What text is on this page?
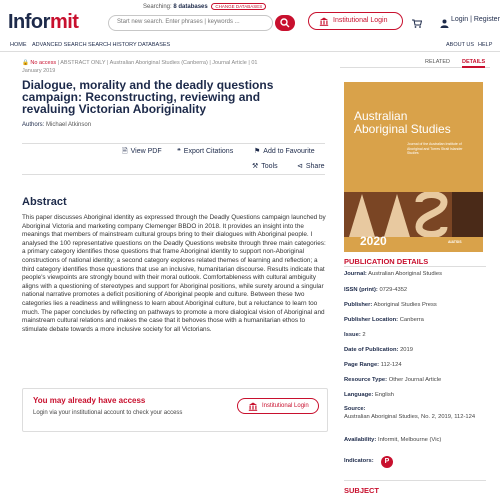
Informit
Searching: 8 databases CHANGE DATABASES
Start new search. Enter phrases | keywords ...	Institutional Login	Login | Register
HOME ADVANCED SEARCH SEARCH HISTORY DATABASES	ABOUT US HELP
🔒 No access | ABSTRACT ONLY | Australian Aboriginal Studies (Canberra) | Journal Article | 01
January 2019
Dialogue, morality and the deadly questions campaign: Reconstructing, reviewing and revaluing Victorian Aboriginality
Authors: Michael Atkinson
🗎 View PDF ❝ Export Citations	⚑ Add to Favourite
⚒ Tools	⊲ Share
Abstract
This paper discusses Aboriginal identity as expressed through the Deadly Questions campaign launched by Aboriginal Victoria and marketing company Clemenger BBDO in 2018. It provides an insight into the meanings that members of mainstream cultural groups bring to their dialogues with Aboriginal people. I analysed the 100 representative questions on the Deadly Questions website through three main categories: a primary category identifies those questions that frame Aboriginal identity to support non-Aboriginal constructions of national identity; a second category explores related themes of learning and reflection; a third category identifies those questions that use an inclusive, humanitarian discourse. Results indicate that people's viewpoints are strongly bound with their moral outlook. Comfortableness with cultural ambiguity aligns with a questioning of stereotypes and support for Aboriginal positions, while surety around a singular national narrative promotes a deficit positioning of Aboriginal people and culture. Between these two categories lies a readiness and willingness to learn about Aboriginal culture, but a reluctance to learn too much. The paper concludes by reflecting on pathways to promote a more dialogical vision of Aboriginal and mainstream cultural relations and makes the case that it behoves those with a humanitarian ethos to stimulate debate towards a more inclusive society for all Victorians.
You may already have access
Login via your institutional account to check your access
Institutional Login
RELATED DETAILS
Australian
Aboriginal Studies
Journal of the Australian Institute of Aboriginal and Torres Strait Islander Studies
2020	AIATSIS
PUBLICATION DETAILS
Journal: Australian Aboriginal Studies
ISSN (print): 0729-4352
Publisher: Aboriginal Studies Press
Publisher Location: Canberra
Issue: 2
Date of Publication: 2019
Page Range: 112-124
Resource Type: Other Journal Article
Language: English
Source:
Australian Aboriginal Studies, No. 2, 2019, 112-124
Availability: Informit, Melbourne (Vic)
Indicators:	P
SUBJECT
